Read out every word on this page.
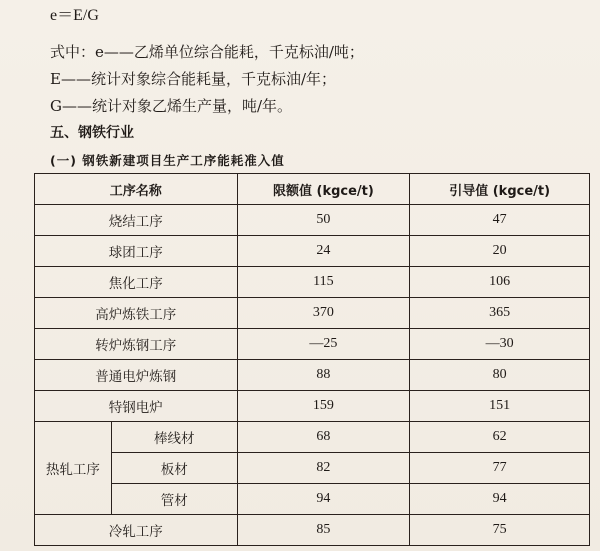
e＝E/G
式中：e——乙烯单位综合能耗，千克标油/吨；
E——统计对象综合能耗量，千克标油/年；
G——统计对象乙烯生产量，吨/年。
五、钢铁行业
(一) 钢铁新建项目生产工序能耗准入值
工序名称		限额值 (kgce/t)	引导值 (kgce/t)
烧结工序		50	47
球团工序		24	20
焦化工序		115	106
高炉炼铁工序		370	365
转炉炼钢工序		—25	—30
普通电炉炼钢		88	80
特钢电炉		159	151
热轧工序	棒线材	68	62
	板材	82	77
	管材	94	94
冷轧工序		85	75
